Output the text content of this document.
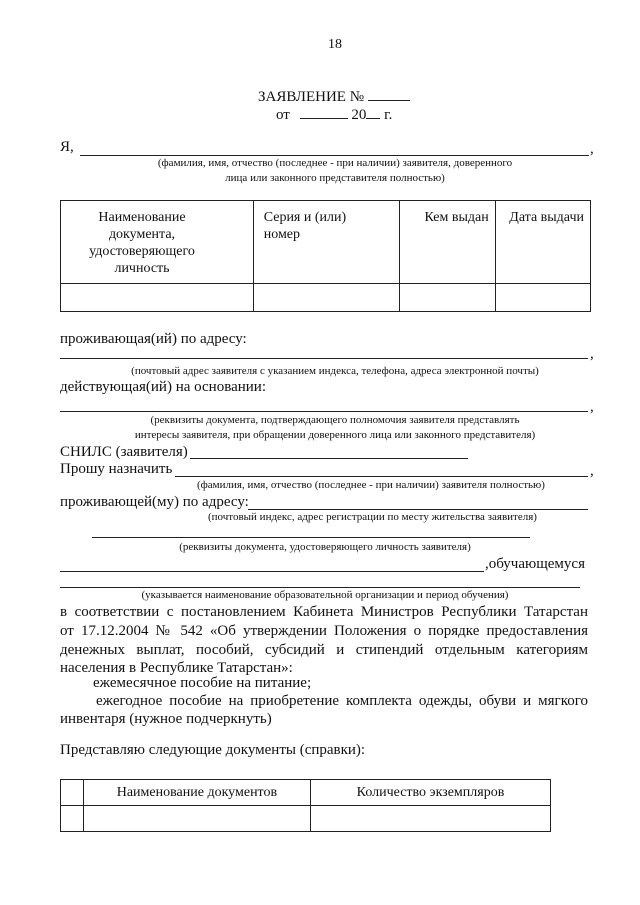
18
ЗАЯВЛЕНИЕ №
от	20 г.
Я,	,
(фамилия, имя, отчество (последнее - при наличии) заявителя, доверенного
лица или законного представителя полностью)
Наименование документа, удостоверяющего личность	Серия и (или) номер	Кем выдан	Дата выдачи

проживающая(ий) по адресу:
,
(почтовый адрес заявителя с указанием индекса, телефона, адреса электронной почты)
действующая(ий) на основании:
,
(реквизиты документа, подтверждающего полномочия заявителя представлять
интересы заявителя, при обращении доверенного лица или законного представителя)
СНИЛС (заявителя)
Прошу назначить	,
(фамилия, имя, отчество (последнее - при наличии) заявителя полностью)
проживающей(му) по адресу:
(почтовый индекс, адрес регистрации по месту жительства заявителя)
(реквизиты документа, удостоверяющего личность заявителя)
,обучающемуся
(указывается наименование образовательной организации и период обучения)
в соответствии с постановлением Кабинета Министров Республики Татарстан
от 17.12.2004 № 542 «Об утверждении Положения о порядке предоставления
денежных выплат, пособий, субсидий и стипендий отдельным категориям
населения в Республике Татарстан»:
ежемесячное пособие на питание;
ежегодное пособие на приобретение комплекта одежды, обуви и мягкого
инвентаря (нужное подчеркнуть)
Представляю следующие документы (справки):
	Наименование документов	Количество экземпляров
